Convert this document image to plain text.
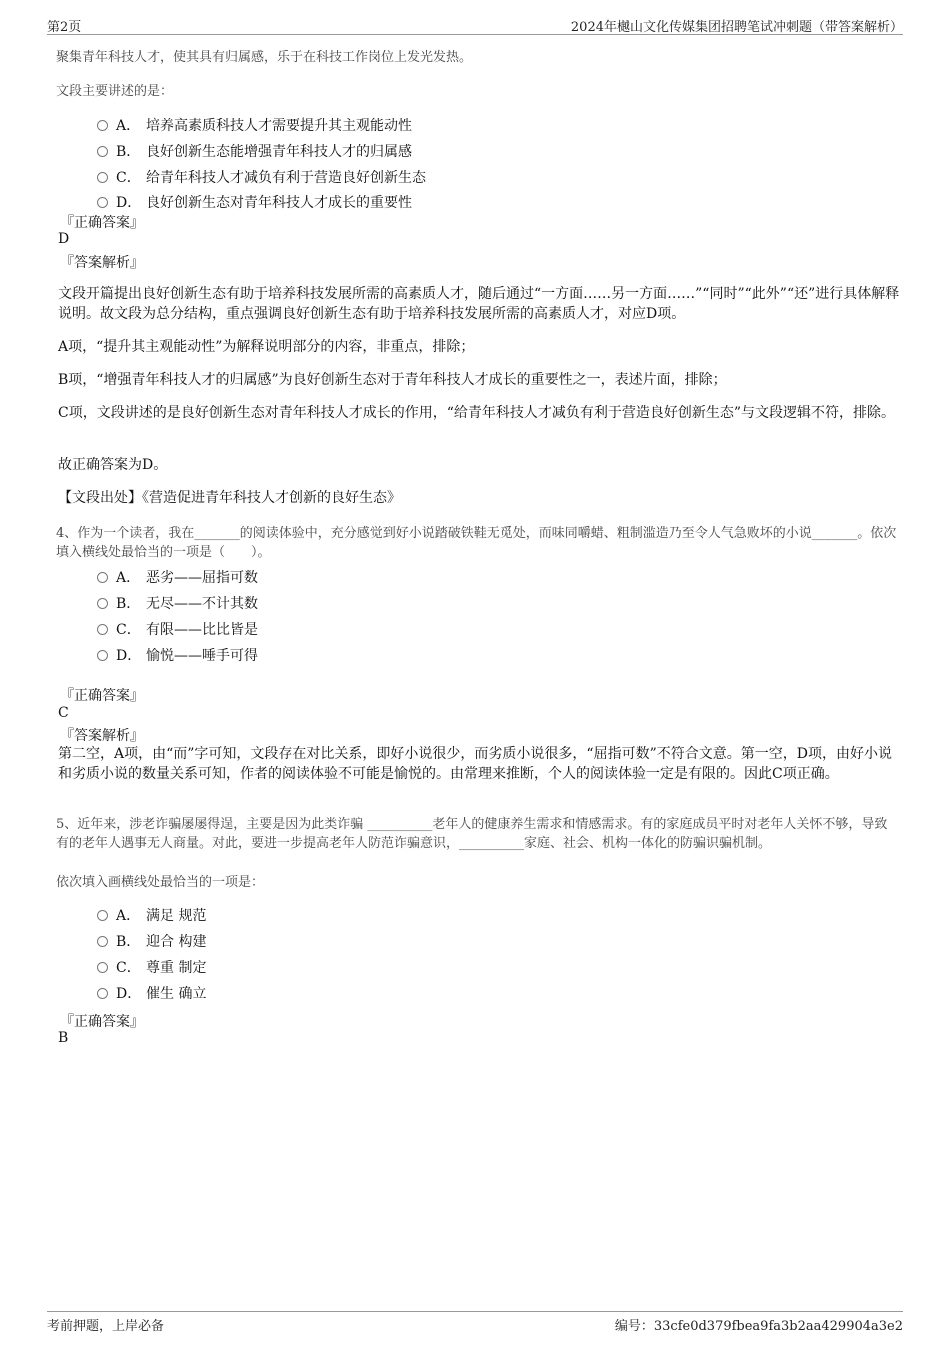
第2页	2024年樾山文化传媒集团招聘笔试冲刺题（带答案解析）
聚集青年科技人才，使其具有归属感，乐于在科技工作岗位上发光发热。
文段主要讲述的是：
A． 培养高素质科技人才需要提升其主观能动性
B． 良好创新生态能增强青年科技人才的归属感
C． 给青年科技人才减负有利于营造良好创新生态
D． 良好创新生态对青年科技人才成长的重要性
『正确答案』
D
『答案解析』
文段开篇提出良好创新生态有助于培养科技发展所需的高素质人才，随后通过“一方面……另一方面……”“同时”“此外”“还”进行具体解释说明。故文段为总分结构，重点强调良好创新生态有助于培养科技发展所需的高素质人才，对应D项。
A项，“提升其主观能动性”为解释说明部分的内容，非重点，排除；
B项，“增强青年科技人才的归属感”为良好创新生态对于青年科技人才成长的重要性之一，表述片面，排除；
C项，文段讲述的是良好创新生态对青年科技人才成长的作用，“给青年科技人才减负有利于营造良好创新生态”与文段逻辑不符，排除。
故正确答案为D。
【文段出处】《营造促进青年科技人才创新的良好生态》
4、作为一个读者，我在_______的阅读体验中，充分感觉到好小说踏破铁鞋无觅处，而味同嚼蜡、粗制滥造乃至令人气急败坏的小说_______。依次填入横线处最恰当的一项是（　　）。
A． 恶劣——屈指可数
B． 无尽——不计其数
C． 有限——比比皆是
D． 愉悦——唾手可得
『正确答案』
C
『答案解析』
第二空，A项，由“而”字可知，文段存在对比关系，即好小说很少，而劣质小说很多，“屈指可数”不符合文意。第一空，D项，由好小说和劣质小说的数量关系可知，作者的阅读体验不可能是愉悦的。由常理来推断，个人的阅读体验一定是有限的。因此C项正确。
5、近年来，涉老诈骗屡屡得逞，主要是因为此类诈骗 __________老年人的健康养生需求和情感需求。有的家庭成员平时对老年人关怀不够，导致有的老年人遇事无人商量。对此，要进一步提高老年人防范诈骗意识，__________家庭、社会、机构一体化的防骗识骗机制。
依次填入画横线处最恰当的一项是：
A． 满足 规范
B． 迎合 构建
C． 尊重 制定
D． 催生 确立
『正确答案』
B
考前押题，上岸必备	编号：33cfe0d379fbea9fa3b2aa429904a3e2
